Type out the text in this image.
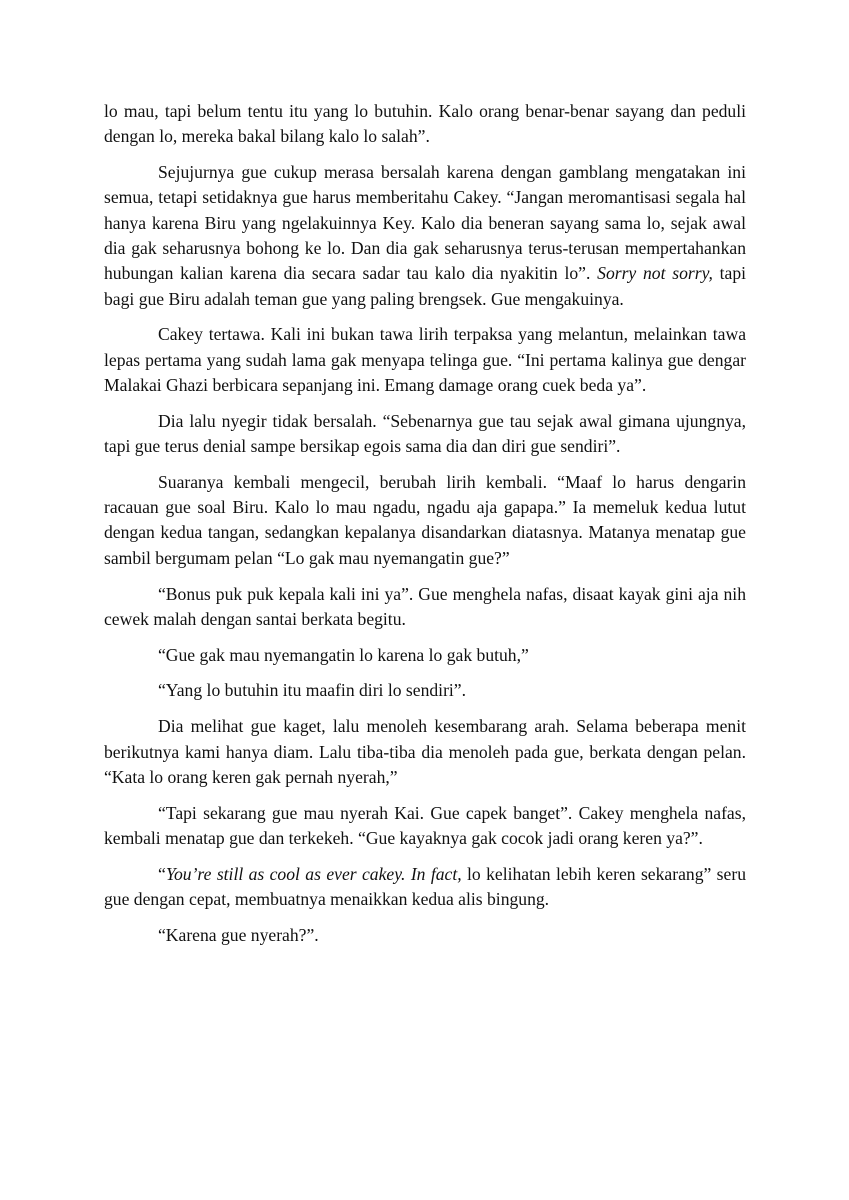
lo mau, tapi belum tentu itu yang lo butuhin. Kalo orang benar-benar sayang dan peduli dengan lo, mereka bakal bilang kalo lo salah”.

Sejujurnya gue cukup merasa bersalah karena dengan gamblang mengatakan ini semua, tetapi setidaknya gue harus memberitahu Cakey. “Jangan meromantisasi segala hal hanya karena Biru yang ngelakuinnya Key. Kalo dia beneran sayang sama lo, sejak awal dia gak seharusnya bohong ke lo. Dan dia gak seharusnya terus-terusan mempertahankan hubungan kalian karena dia secara sadar tau kalo dia nyakitin lo”. Sorry not sorry, tapi bagi gue Biru adalah teman gue yang paling brengsek. Gue mengakuinya.

Cakey tertawa. Kali ini bukan tawa lirih terpaksa yang melantun, melainkan tawa lepas pertama yang sudah lama gak menyapa telinga gue. “Ini pertama kalinya gue dengar Malakai Ghazi berbicara sepanjang ini. Emang damage orang cuek beda ya”.

Dia lalu nyegir tidak bersalah. “Sebenarnya gue tau sejak awal gimana ujungnya, tapi gue terus denial sampe bersikap egois sama dia dan diri gue sendiri”.

Suaranya kembali mengecil, berubah lirih kembali. “Maaf lo harus dengarin racauan gue soal Biru. Kalo lo mau ngadu, ngadu aja gapapa.” Ia memeluk kedua lutut dengan kedua tangan, sedangkan kepalanya disandarkan diatasnya. Matanya menatap gue sambil bergumam pelan “Lo gak mau nyemangatin gue?”

“Bonus puk puk kepala kali ini ya”. Gue menghela nafas, disaat kayak gini aja nih cewek malah dengan santai berkata begitu.

“Gue gak mau nyemangatin lo karena lo gak butuh,”

“Yang lo butuhin itu maafin diri lo sendiri”.

Dia melihat gue kaget, lalu menoleh kesembarang arah. Selama beberapa menit berikutnya kami hanya diam. Lalu tiba-tiba dia menoleh pada gue, berkata dengan pelan. “Kata lo orang keren gak pernah nyerah,”

“Tapi sekarang gue mau nyerah Kai. Gue capek banget”. Cakey menghela nafas, kembali menatap gue dan terkekeh. “Gue kayaknya gak cocok jadi orang keren ya?”.

“You’re still as cool as ever cakey. In fact, lo kelihatan lebih keren sekarang” seru gue dengan cepat, membuatnya menaikkan kedua alis bingung.

“Karena gue nyerah?”.
